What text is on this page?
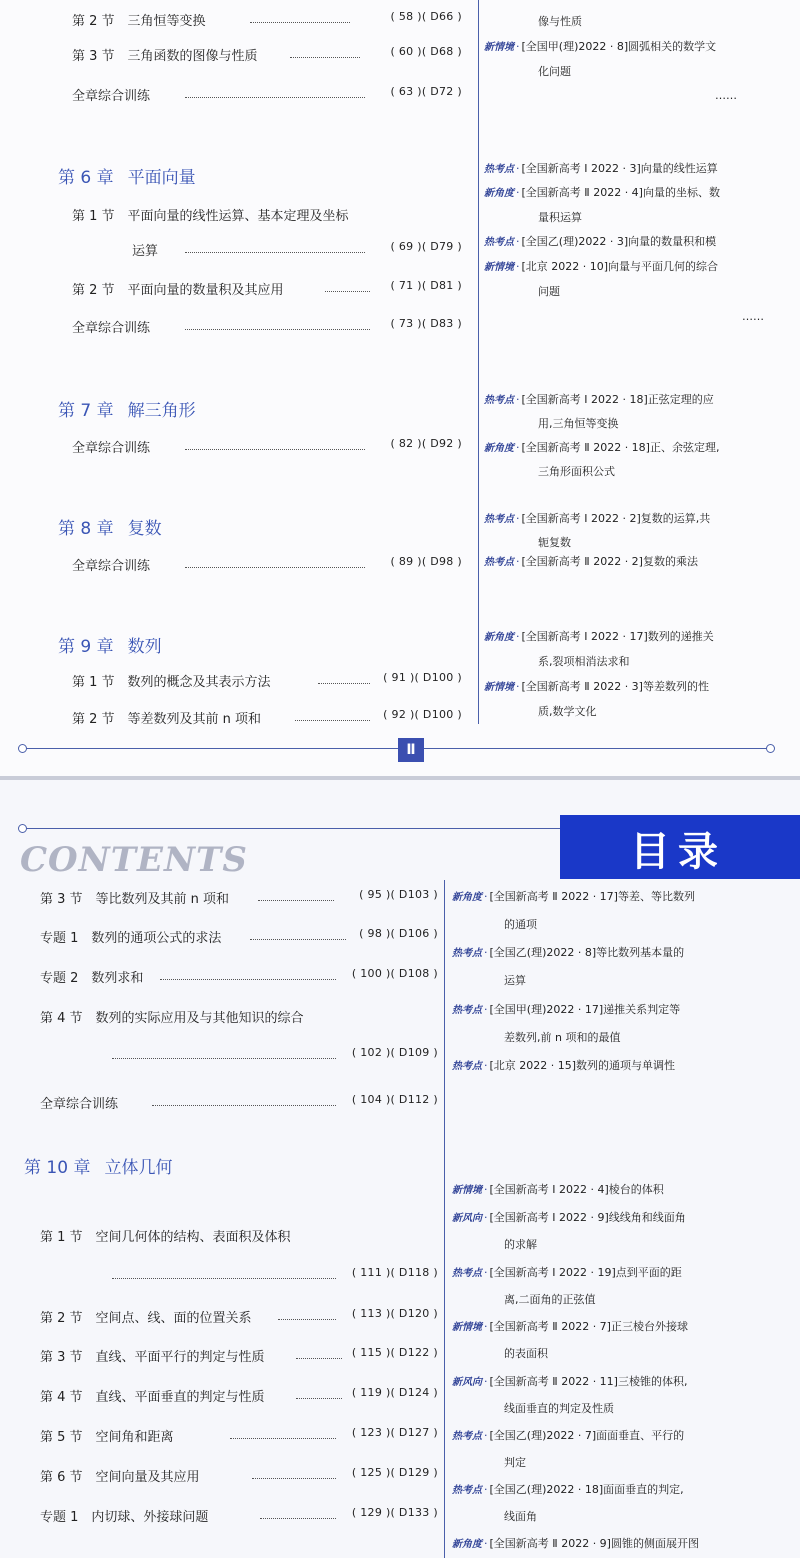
第 2 节　三角恒等变换	( 58 )( D66 )
第 3 节　三角函数的图像与性质	( 60 )( D68 )
全章综合训练	( 63 )( D72 )
第 6 章 平面向量
第 1 节　平面向量的线性运算、基本定理及坐标
运算	( 69 )( D79 )
第 2 节　平面向量的数量积及其应用	( 71 )( D81 )
全章综合训练	( 73 )( D83 )
第 7 章 解三角形
全章综合训练	( 82 )( D92 )
第 8 章 复数
全章综合训练	( 89 )( D98 )
第 9 章 数列
第 1 节　数列的概念及其表示方法	( 91 )( D100 )
第 2 节　等差数列及其前 n 项和	( 92 )( D100 )
像与性质
新情境 · [全国甲(理)2022 · 8]圆弧相关的数学文
化问题
……
热考点 · [全国新高考 Ⅰ 2022 · 3]向量的线性运算
新角度 · [全国新高考 Ⅱ 2022 · 4]向量的坐标、数
量积运算
热考点 · [全国乙(理)2022 · 3]向量的数量积和模
新情境 · [北京 2022 · 10]向量与平面几何的综合
问题
……
热考点 · [全国新高考 Ⅰ 2022 · 18]正弦定理的应
用,三角恒等变换
新角度 · [全国新高考 Ⅱ 2022 · 18]正、余弦定理,
三角形面积公式
热考点 · [全国新高考 Ⅰ 2022 · 2]复数的运算,共
轭复数
热考点 · [全国新高考 Ⅱ 2022 · 2]复数的乘法
新角度 · [全国新高考 Ⅰ 2022 · 17]数列的递推关
系,裂项相消法求和
新情境 · [全国新高考 Ⅱ 2022 · 3]等差数列的性
质,数学文化
Ⅱ
目录
CONTENTS
第 3 节　等比数列及其前 n 项和	( 95 )( D103 )
专题 1　数列的通项公式的求法	( 98 )( D106 )
专题 2　数列求和	( 100 )( D108 )
第 4 节　数列的实际应用及与其他知识的综合
( 102 )( D109 )
全章综合训练	( 104 )( D112 )
第 10 章 立体几何
第 1 节　空间几何体的结构、表面积及体积
( 111 )( D118 )
第 2 节　空间点、线、面的位置关系	( 113 )( D120 )
第 3 节　直线、平面平行的判定与性质	( 115 )( D122 )
第 4 节　直线、平面垂直的判定与性质	( 119 )( D124 )
第 5 节　空间角和距离	( 123 )( D127 )
第 6 节　空间向量及其应用	( 125 )( D129 )
专题 1　内切球、外接球问题	( 129 )( D133 )
新角度 · [全国新高考 Ⅱ 2022 · 17]等差、等比数列
的通项
热考点 · [全国乙(理)2022 · 8]等比数列基本量的
运算
热考点 · [全国甲(理)2022 · 17]递推关系判定等
差数列,前 n 项和的最值
热考点 · [北京 2022 · 15]数列的通项与单调性
新情境 · [全国新高考 Ⅰ 2022 · 4]棱台的体积
新风向 · [全国新高考 Ⅰ 2022 · 9]线线角和线面角
的求解
热考点 · [全国新高考 Ⅰ 2022 · 19]点到平面的距
离,二面角的正弦值
新情境 · [全国新高考 Ⅱ 2022 · 7]正三棱台外接球
的表面积
新风向 · [全国新高考 Ⅱ 2022 · 11]三棱锥的体积,
线面垂直的判定及性质
热考点 · [全国乙(理)2022 · 7]面面垂直、平行的
判定
热考点 · [全国乙(理)2022 · 18]面面垂直的判定,
线面角
新角度 · [全国新高考 Ⅱ 2022 · 9]圆锥的侧面展开图
